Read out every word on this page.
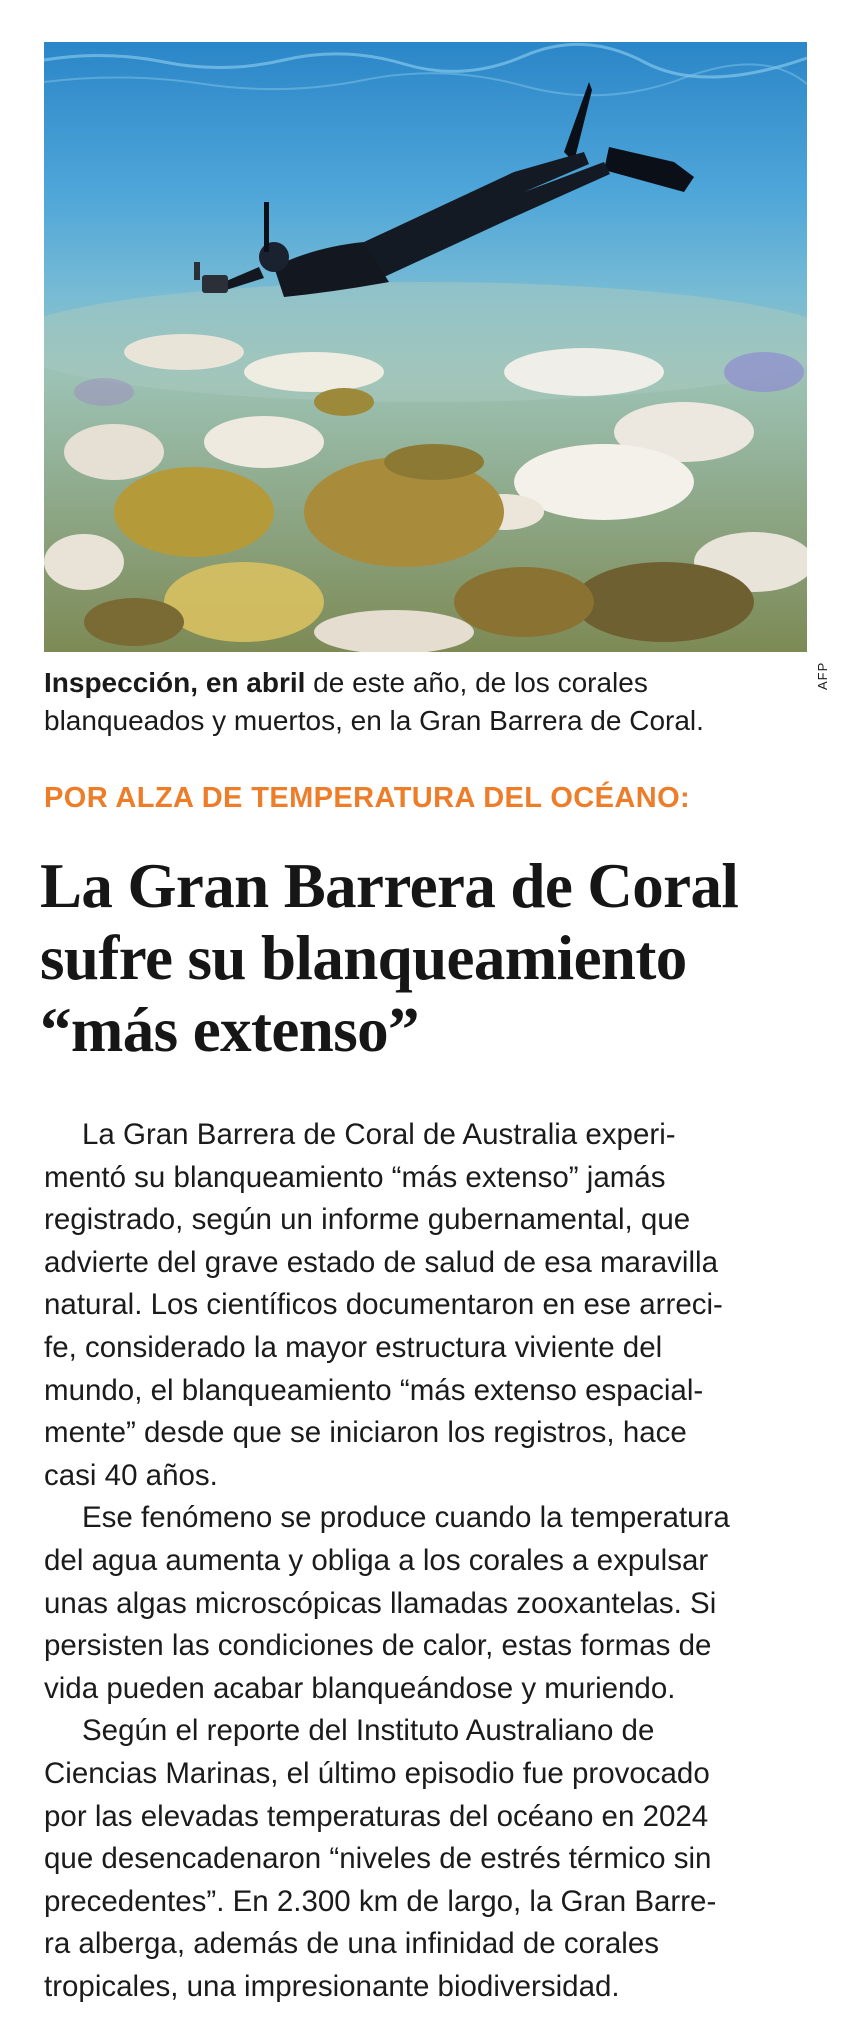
AFP
Inspección, en abril de este año, de los corales
blanqueados y muertos, en la Gran Barrera de Coral.
POR ALZA DE TEMPERATURA DEL OCÉANO:
La Gran Barrera de Coral
sufre su blanqueamiento
“más extenso”
La Gran Barrera de Coral de Australia experi-
mentó su blanqueamiento “más extenso” jamás
registrado, según un informe gubernamental, que
advierte del grave estado de salud de esa maravilla
natural. Los científicos documentaron en ese arreci-
fe, considerado la mayor estructura viviente del
mundo, el blanqueamiento “más extenso espacial-
mente” desde que se iniciaron los registros, hace
casi 40 años.
Ese fenómeno se produce cuando la temperatura
del agua aumenta y obliga a los corales a expulsar
unas algas microscópicas llamadas zooxantelas. Si
persisten las condiciones de calor, estas formas de
vida pueden acabar blanqueándose y muriendo.
Según el reporte del Instituto Australiano de
Ciencias Marinas, el último episodio fue provocado
por las elevadas temperaturas del océano en 2024
que desencadenaron “niveles de estrés térmico sin
precedentes”. En 2.300 km de largo, la Gran Barre-
ra alberga, además de una infinidad de corales
tropicales, una impresionante biodiversidad.
